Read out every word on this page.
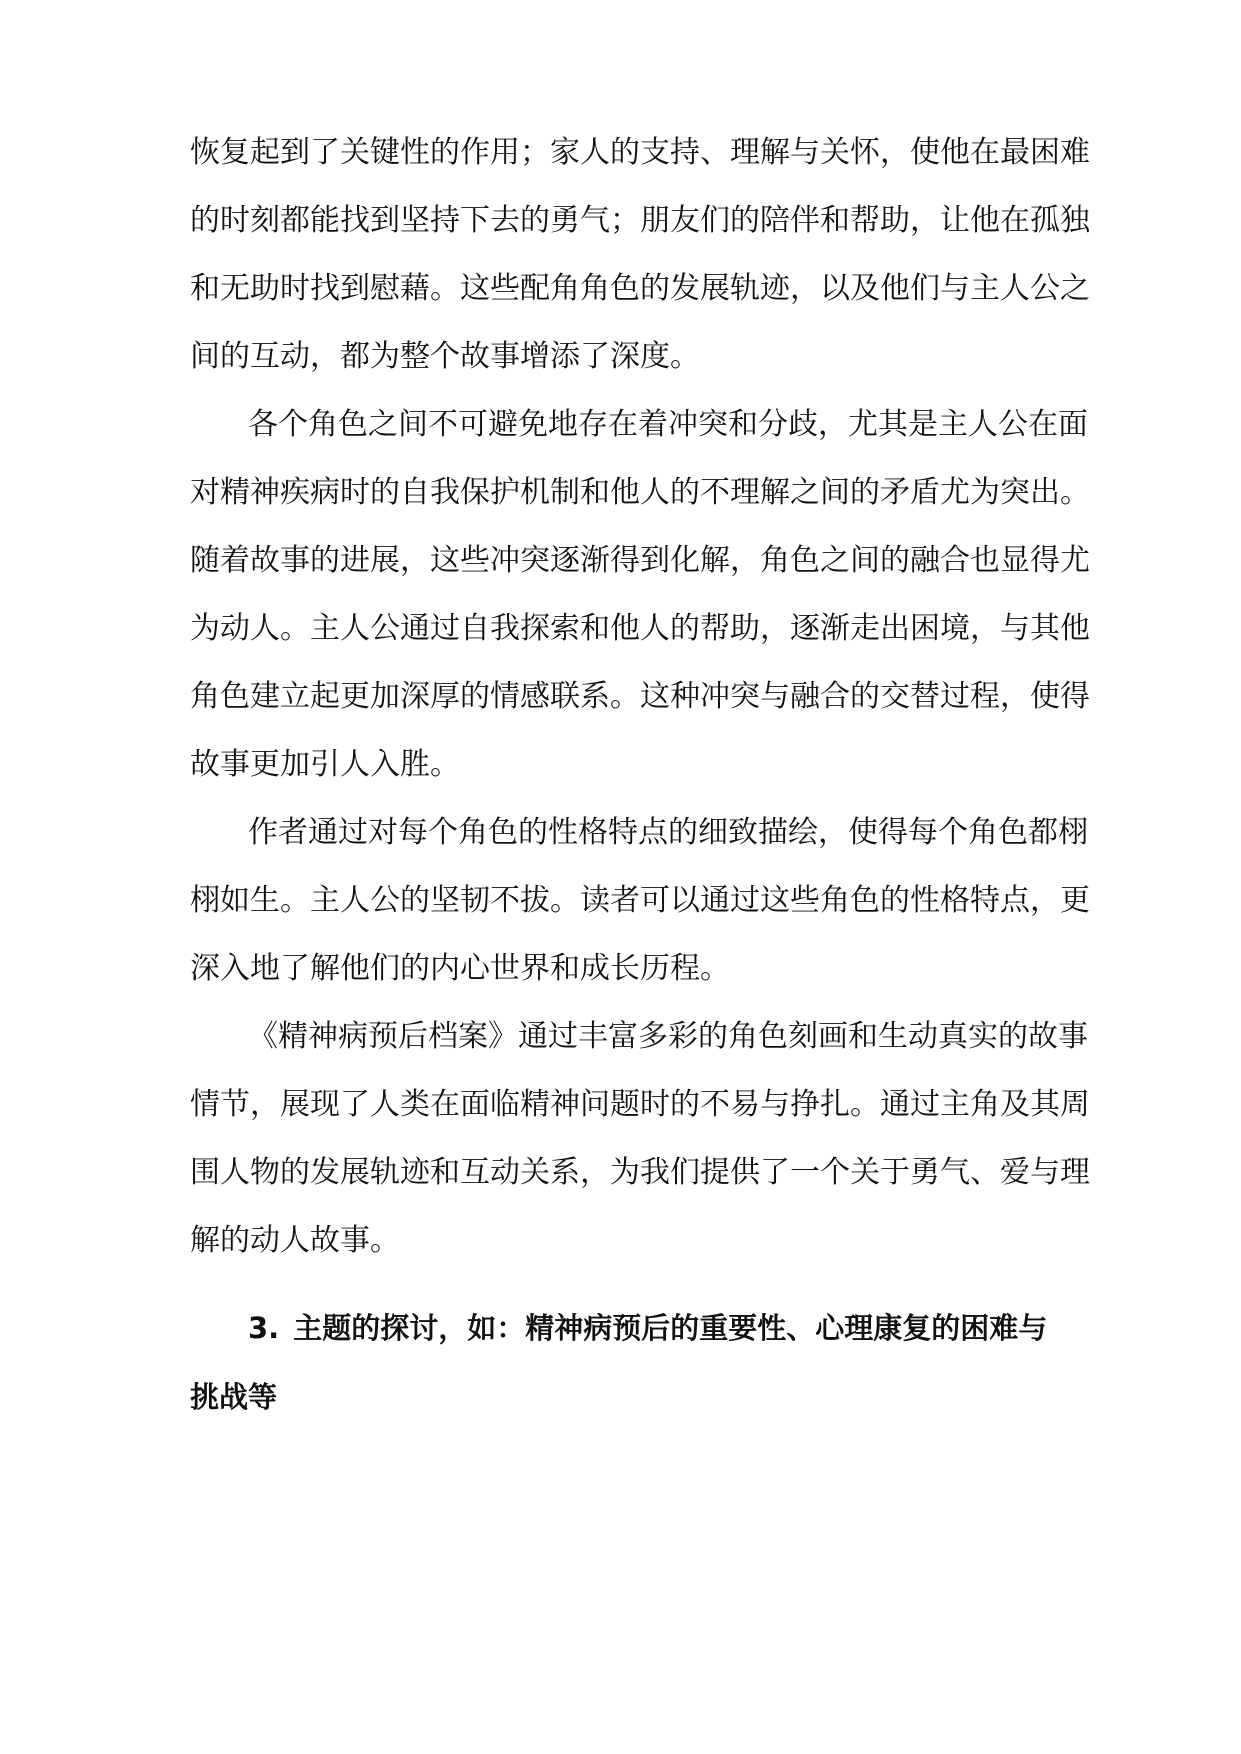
恢复起到了关键性的作用；家人的支持、理解与关怀，使他在最困难
的时刻都能找到坚持下去的勇气；朋友们的陪伴和帮助，让他在孤独
和无助时找到慰藉。这些配角角色的发展轨迹，以及他们与主人公之
间的互动，都为整个故事增添了深度。
各个角色之间不可避免地存在着冲突和分歧，尤其是主人公在面
对精神疾病时的自我保护机制和他人的不理解之间的矛盾尤为突出。
随着故事的进展，这些冲突逐渐得到化解，角色之间的融合也显得尤
为动人。主人公通过自我探索和他人的帮助，逐渐走出困境，与其他
角色建立起更加深厚的情感联系。这种冲突与融合的交替过程，使得
故事更加引人入胜。
作者通过对每个角色的性格特点的细致描绘，使得每个角色都栩
栩如生。主人公的坚韧不拔。读者可以通过这些角色的性格特点，更
深入地了解他们的内心世界和成长历程。
《精神病预后档案》通过丰富多彩的角色刻画和生动真实的故事
情节，展现了人类在面临精神问题时的不易与挣扎。通过主角及其周
围人物的发展轨迹和互动关系，为我们提供了一个关于勇气、爱与理
解的动人故事。
3. 主题的探讨，如：精神病预后的重要性、心理康复的困难与
挑战等
